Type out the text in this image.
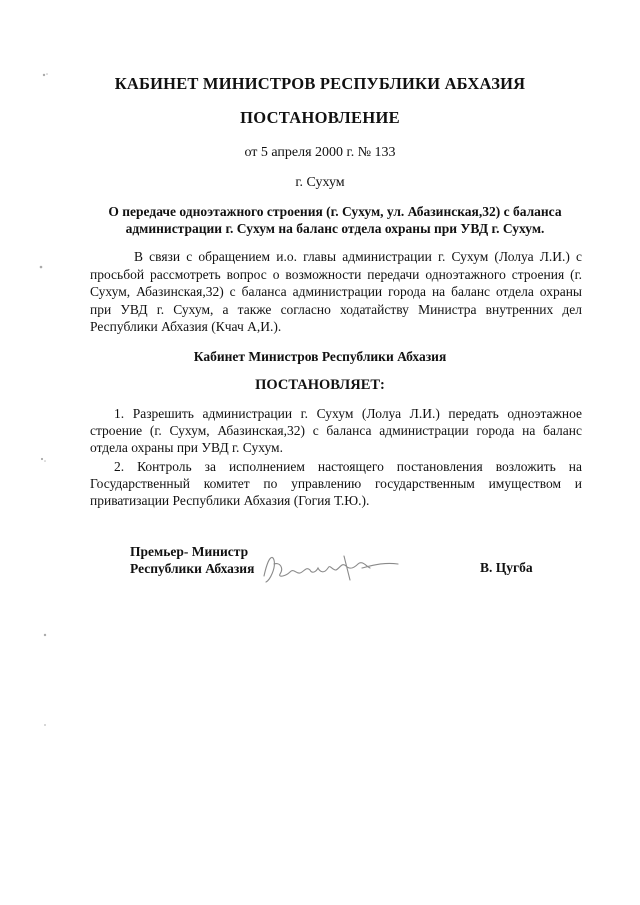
КАБИНЕТ МИНИСТРОВ РЕСПУБЛИКИ АБХАЗИЯ
ПОСТАНОВЛЕНИЕ
от 5 апреля 2000 г. № 133
г. Сухум
О передаче одноэтажного строения (г. Сухум, ул. Абазинская,32) с баланса администрации г. Сухум на баланс отдела охраны при УВД г. Сухум.
В связи с обращением и.о. главы администрации г. Сухум (Лолуа Л.И.) с просьбой рассмотреть вопрос о возможности передачи одноэтажного строения (г. Сухум, Абазинская,32) с баланса администрации города на баланс отдела охраны при УВД г. Сухум, а также согласно ходатайству Министра внутренних дел Республики Абхазия (Кчач А,И.).
Кабинет Министров Республики Абхазия
ПОСТАНОВЛЯЕТ:

1. Разрешить администрации г. Сухум (Лолуа Л.И.) передать одноэтажное строение (г. Сухум, Абазинская,32) с баланса администрации города на баланс отдела охраны при УВД г. Сухум.

2. Контроль за исполнением настоящего постановления возложить на Государственный комитет по управлению государственным имуществом и приватизации Республики Абхазия (Гогия Т.Ю.).

Премьер- Министр
Республики Абхазия	В. Цугба
